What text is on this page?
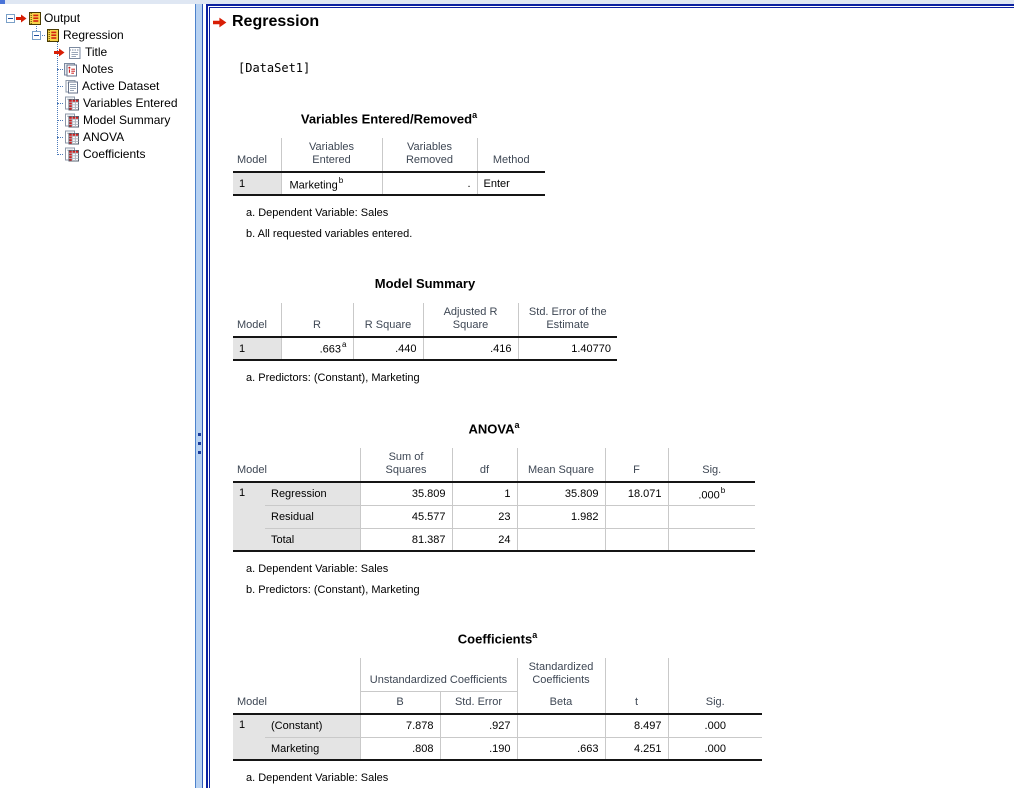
Output
Regression
Title
Notes
Active Dataset
Variables Entered
Model Summary
ANOVA
Coefficients
Regression
[DataSet1]
Variables Entered/Removed$^a$
Model	Variables Entered	Variables Removed	Method
1	Marketing$^b$	.	Enter
a. Dependent Variable: Sales
b. All requested variables entered.
Model Summary
Model	R	R Square	Adjusted R Square	Std. Error of the Estimate
1	.663$^a$	.440	.416	1.40770
a. Predictors: (Constant), Marketing
ANOVA$^a$
Model		Sum of Squares	df	Mean Square	F	Sig.
1	Regression	35.809	1	35.809	18.071	.000$^b$
	Residual	45.577	23	1.982		
	Total	81.387	24			
a. Dependent Variable: Sales
b. Predictors: (Constant), Marketing
Coefficients$^a$
Model		Unstandardized Coefficients		Standardized Coefficients		
		B	Std. Error	Beta	t	Sig.
1	(Constant)	7.878	.927		8.497	.000
	Marketing	.808	.190	.663	4.251	.000
a. Dependent Variable: Sales
